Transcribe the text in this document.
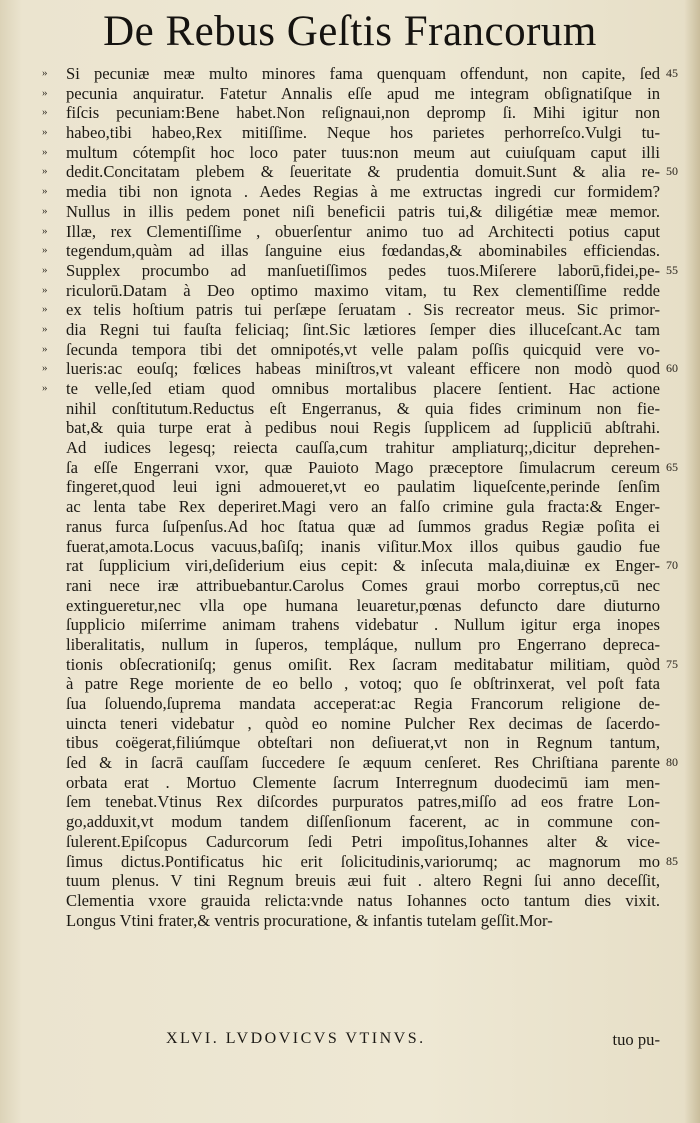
De Rebus Geſtis Francorum
» Si pecuniæ meæ multo minores fama quenquam offendunt, non capite, ſed 45
» pecunia anquiratur. Fatetur Annalis eſſe apud me integram obſignatiſque in
» fiſcis pecuniam:Bene habet.Non reſignaui,non depromp ſi. Mihi igitur non
» habeo,tibi habeo,Rex mitiſſime. Neque hos parietes perhorreſco.Vulgi tu-
» multum cótempſit hoc loco pater tuus:non meum aut cuiuſquam caput illi
» dedit.Concitatam plebem & ſeueritate & prudentia domuit.Sunt & alia re- 50
» media tibi non ignota . Aedes Regias à me extructas ingredi cur formidem?
» Nullus in illis pedem ponet niſi beneficii patris tui,& diligétiæ meæ memor.
» Illæ, rex Clementiſſime , obuerſentur animo tuo ad Architecti potius caput
» tegendum,quàm ad illas ſanguine eius fœdandas,& abominabiles efficiendas.
» Supplex procumbo ad manſuetiſſimos pedes tuos.Miſerere laborū,fidei,pe- 55
» riculorū.Datam à Deo optimo maximo vitam, tu Rex clementiſſime redde
» ex telis hoſtium patris tui perſæpe ſeruatam . Sis recreator meus. Sic primor-
» dia Regni tui fauſta feliciaq; ſint.Sic lætiores ſemper dies illuceſcant.Ac tam
» ſecunda tempora tibi det omnipotés,vt velle palam poſſis quicquid vere vo-
» lueris:ac eouſq; fœlices habeas miniſtros,vt valeant efficere non modò quod 60
» te velle,ſed etiam quod omnibus mortalibus placere ſentient. Hac actione
nihil conſtitutum.Reductus eſt Engerranus, & quia fides criminum non fie-
bat,& quia turpe erat à pedibus noui Regis ſupplicem ad ſuppliciū abſtrahi.
Ad iudices legesq; reiecta cauſſa,cum trahitur ampliaturq;,dicitur deprehen-
ſa eſſe Engerrani vxor, quæ Pauioto Mago præceptore ſimulacrum cereum 65
fingeret,quod leui igni admoueret,vt eo paulatim liqueſcente,perinde ſenſim
ac lenta tabe Rex deperiret.Magi vero an falſo crimine gula fracta:& Enger-
ranus furca ſuſpenſus.Ad hoc ſtatua quæ ad ſummos gradus Regiæ poſita ei
fuerat,amota.Locus vacuus,baſiſq; inanis viſitur.Mox illos quibus gaudio fue
rat ſupplicium viri,deſiderium eius cepit: & inſecuta mala,diuinæ ex Enger- 70
rani nece iræ attribuebantur.Carolus Comes graui morbo correptus,cū nec
extingueretur,nec vlla ope humana leuaretur,pœnas defuncto dare diuturno
ſupplicio miſerrime animam trahens videbatur . Nullum igitur erga inopes
liberalitatis, nullum in ſuperos, templáque, nullum pro Engerrano depreca-
tionis obſecrationiſq; genus omiſit. Rex ſacram meditabatur militiam, quòd 75
à patre Rege moriente de eo bello , votoq; quo ſe obſtrinxerat, vel poſt fata
ſua ſoluendo,ſuprema mandata acceperat:ac Regia Francorum religione de-
uincta teneri videbatur , quòd eo nomine Pulcher Rex decimas de ſacerdo-
tibus coëgerat,filiúmque obteſtari non deſiuerat,vt non in Regnum tantum,
ſed & in ſacrā cauſſam ſuccedere ſe æquum cenſeret. Res Chriſtiana parente 80
orbata erat . Mortuo Clemente ſacrum Interregnum duodecimū iam men-
ſem tenebat.Vtinus Rex diſcordes purpuratos patres,miſſo ad eos fratre Lon-
go,adduxit,vt modum tandem diſſenſionum facerent, ac in commune con-
ſulerent.Epiſcopus Cadurcorum ſedi Petri impoſitus,Iohannes alter & vice-
ſimus dictus.Pontificatus hic erit ſolicitudinis,variorumq; ac magnorum mo 85
tuum plenus. V tini Regnum breuis æui fuit . altero Regni ſui anno deceſſit,
Clementia vxore grauida relicta:vnde natus Iohannes octo tantum dies vixit.
Longus Vtini frater,& ventris procuratione, & infantis tutelam geſſit.Mor-
XLVI. LVDOVICVS VTINVS.	tuo pu-
